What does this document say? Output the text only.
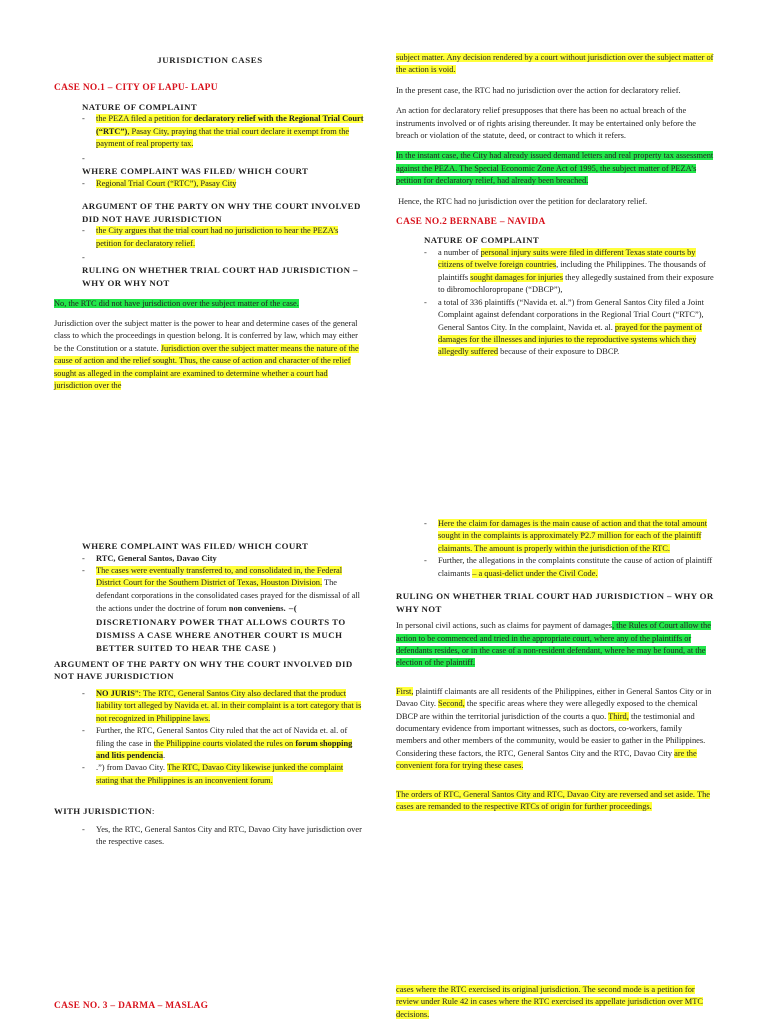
JURISDICTION CASES
CASE NO.1 – CITY OF LAPU- LAPU
NATURE OF COMPLAINT
- the PEZA filed a petition for declaratory relief with the Regional Trial Court (“RTC”), Pasay City, praying that the trial court declare it exempt from the payment of real property tax.
-
WHERE COMPLAINT WAS FILED/ WHICH COURT
- Regional Trial Court (“RTC”), Pasay City
ARGUMENT OF THE PARTY ON WHY THE COURT INVOLVED DID NOT HAVE JURISDICTION
- the City argues that the trial court had no jurisdiction to hear the PEZA’s petition for declaratory relief.
-
RULING ON WHETHER TRIAL COURT HAD JURISDICTION – WHY OR WHY NOT

No, the RTC did not have jurisdiction over the subject matter of the case.

Jurisdiction over the subject matter is the power to hear and determine cases of the general class to which the proceedings in question belong. It is conferred by law, which may either be the Constitution or a statute. Jurisdiction over the subject matter means the nature of the cause of action and the relief sought. Thus, the cause of action and character of the relief sought as alleged in the complaint are examined to determine whether a court had jurisdiction over the

subject matter. Any decision rendered by a court without jurisdiction over the subject matter of the action is void.

In the present case, the RTC had no jurisdiction over the action for declaratory relief.

An action for declaratory relief presupposes that there has been no actual breach of the instruments involved or of rights arising thereunder. It may be entertained only before the breach or violation of the statute, deed, or contract to which it refers.

In the instant case, the City had already issued demand letters and real property tax assessment against the PEZA. The Special Economic Zone Act of 1995, the subject matter of PEZA’s petition for declaratory relief, had already been breached.

Hence, the RTC had no jurisdiction over the petition for declaratory relief.

CASE NO.2 BERNABE – NAVIDA
NATURE OF COMPLAINT
- a number of personal injury suits were filed in different Texas state courts by citizens of twelve foreign countries, including the Philippines. The thousands of plaintiffs sought damages for injuries they allegedly sustained from their exposure to dibromochloropropane (“DBCP”),
- a total of 336 plaintiffs (“Navida et. al.”) from General Santos City filed a Joint Complaint against defendant corporations in the Regional Trial Court (“RTC”), General Santos City. In the complaint, Navida et. al. prayed for the payment of damages for the illnesses and injuries to the reproductive systems which they allegedly suffered because of their exposure to DBCP.
WHERE COMPLAINT WAS FILED/ WHICH COURT
- RTC, General Santos, Davao City
- The cases were eventually transferred to, and consolidated in, the Federal District Court for the Southern District of Texas, Houston Division. The defendant corporations in the consolidated cases prayed for the dismissal of all the actions under the doctrine of forum non conveniens. –( DISCRETIONARY POWER THAT ALLOWS COURTS TO DISMISS A CASE WHERE ANOTHER COURT IS MUCH BETTER SUITED TO HEAR THE CASE )
ARGUMENT OF THE PARTY ON WHY THE COURT INVOLVED DID NOT HAVE JURISDICTION
- NO JURIS”: The RTC, General Santos City also declared that the product liability tort alleged by Navida et. al. in their complaint is a tort category that is not recognized in Philippine laws.
- Further, the RTC, General Santos City ruled that the act of Navida et. al. of filing the case in the Philippine courts violated the rules on forum shopping and litis pendencia.
- .”) from Davao City. The RTC, Davao City likewise junked the complaint stating that the Philippines is an inconvenient forum.
WITH JURISDICTION:
- Yes, the RTC, General Santos City and RTC, Davao City have jurisdiction over the respective cases.
- Here the claim for damages is the main cause of action and that the total amount sought in the complaints is approximately ₱2.7 million for each of the plaintiff claimants. The amount is properly within the jurisdiction of the RTC.
- Further, the allegations in the complaints constitute the cause of action of plaintiff claimants – a quasi-delict under the Civil Code.
RULING ON WHETHER TRIAL COURT HAD JURISDICTION – WHY OR WHY NOT

In personal civil actions, such as claims for payment of damages, the Rules of Court allow the action to be commenced and tried in the appropriate court, where any of the plaintiffs or defendants resides, or in the case of a non-resident defendant, where he may be found, at the election of the plaintiff.

First, plaintiff claimants are all residents of the Philippines, either in General Santos City or in Davao City. Second, the specific areas where they were allegedly exposed to the chemical DBCP are within the territorial jurisdiction of the courts a quo. Third, the testimonial and documentary evidence from important witnesses, such as doctors, co-workers, family members and other members of the community, would be easier to gather in the Philippines. Considering these factors, the RTC, General Santos City and the RTC, Davao City are the convenient fora for trying these cases.

The orders of RTC, General Santos City and RTC, Davao City are reversed and set aside. The cases are remanded to the respective RTCs of origin for further proceedings.

CASE NO. 3 – DARMA – MASLAG

cases where the RTC exercised its original jurisdiction. The second mode is a petition for review under Rule 42 in cases where the RTC exercised its appellate jurisdiction over MTC decisions.
